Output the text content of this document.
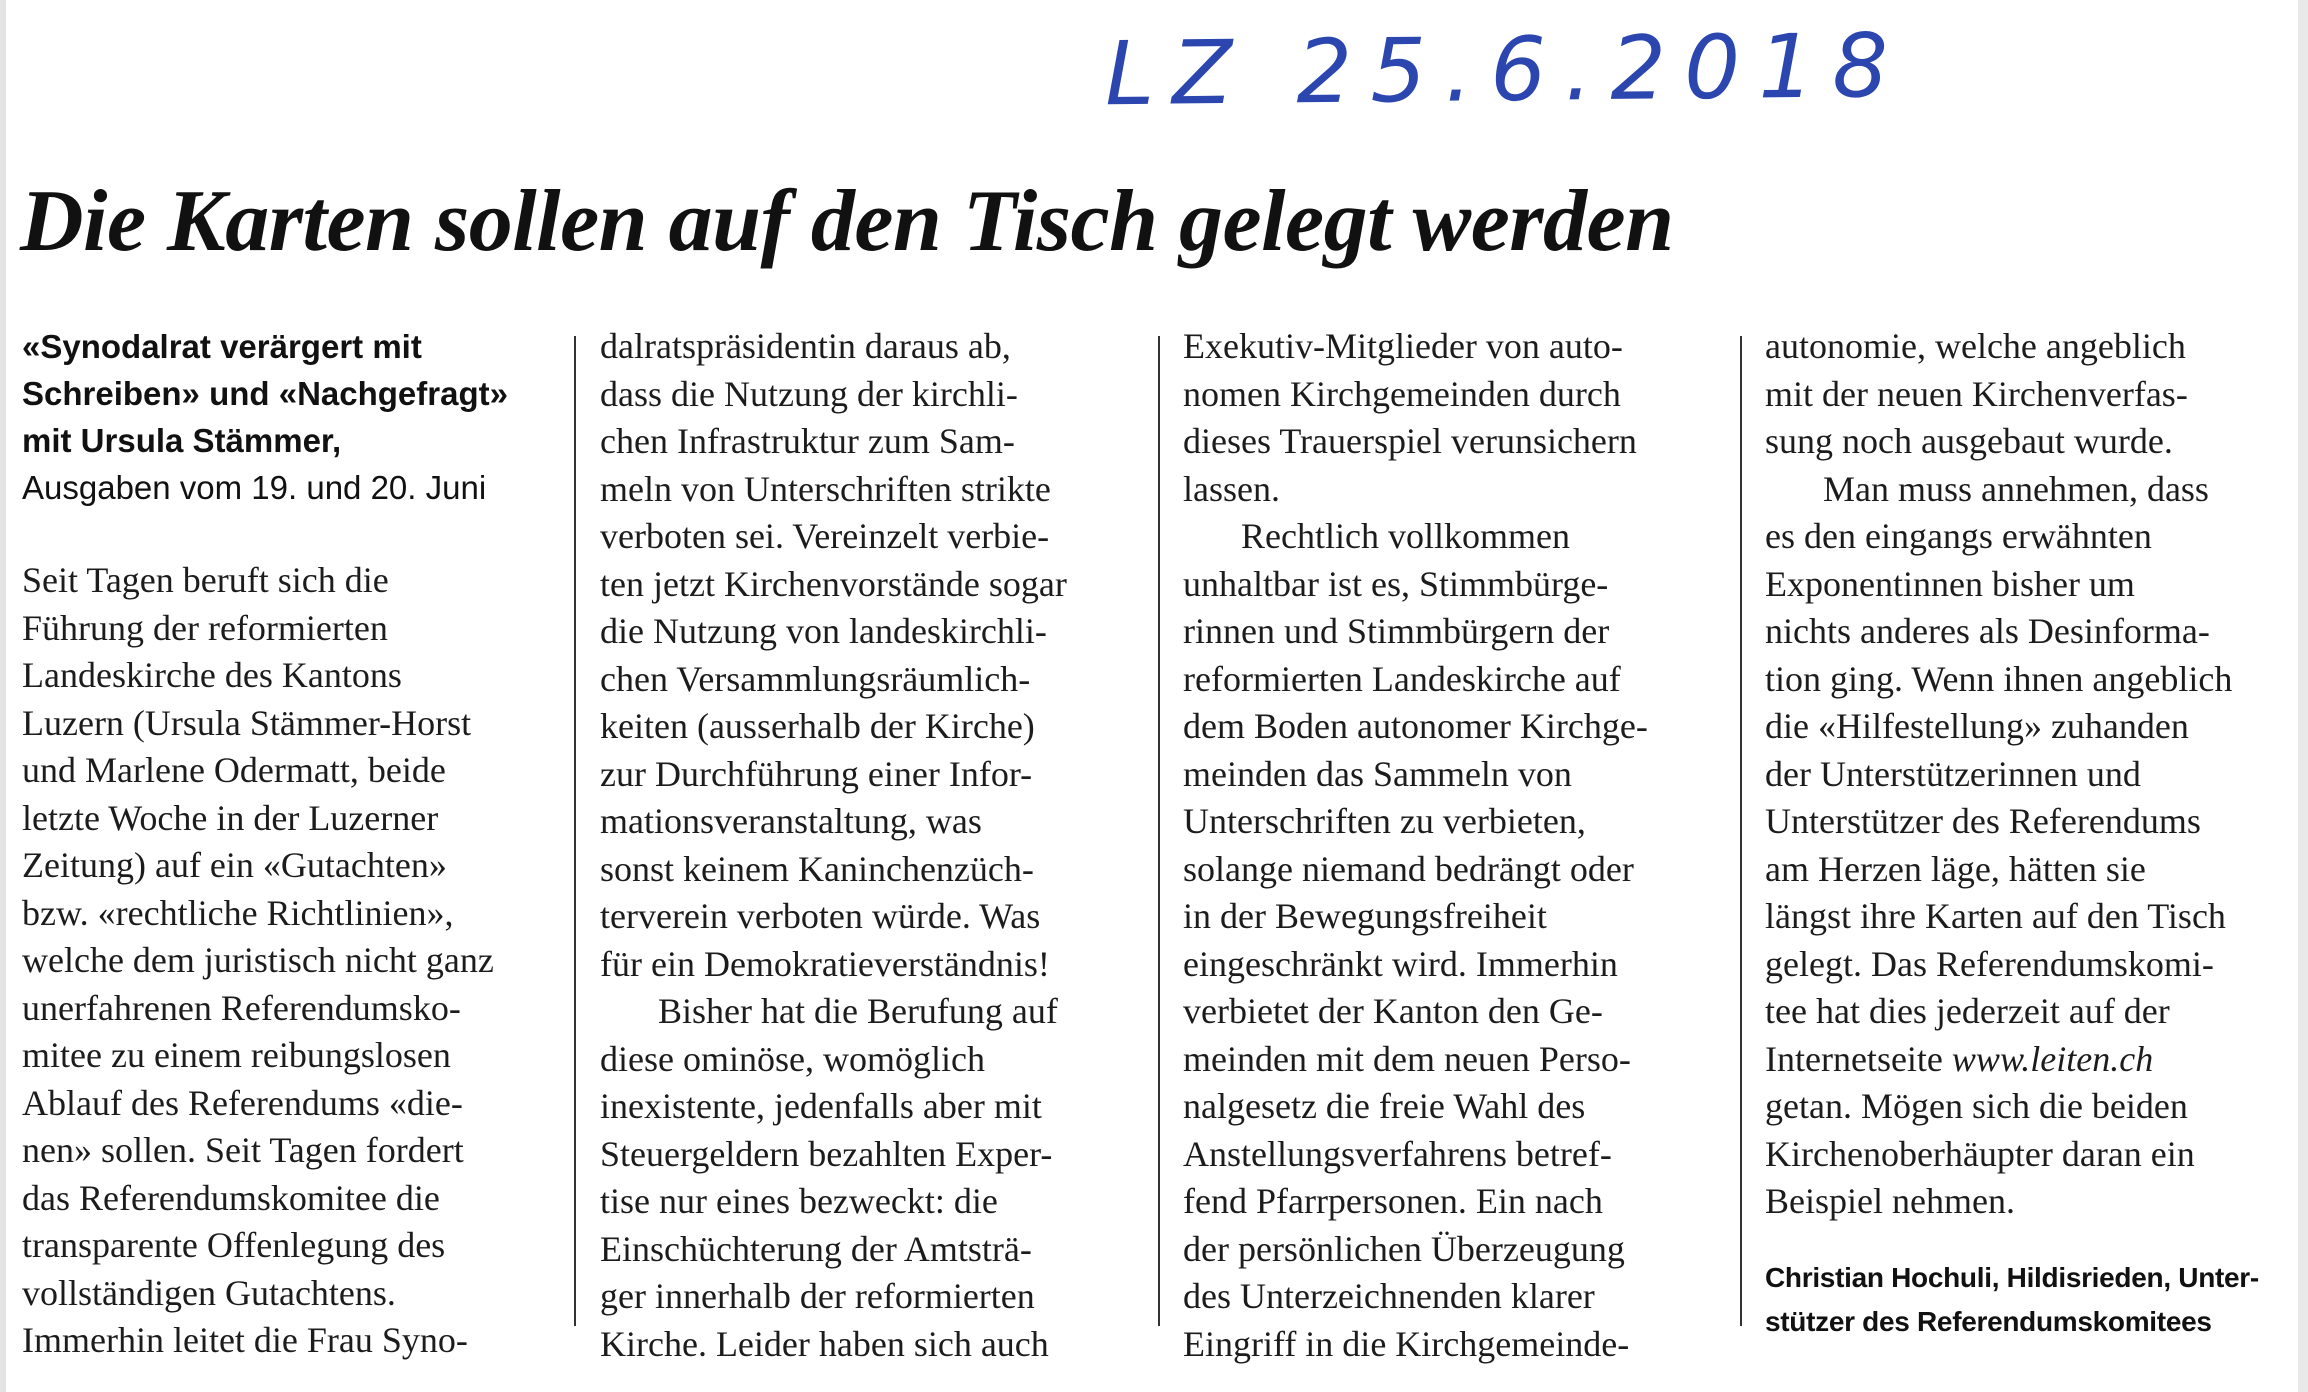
LZ 25.6.2018
Die Karten sollen auf den Tisch gelegt werden
«Synodalrat verärgert mit
Schreiben» und «Nachgefragt»
mit Ursula Stämmer,
Ausgaben vom 19. und 20. Juni

Seit Tagen beruft sich die
Führung der reformierten
Landeskirche des Kantons
Luzern (Ursula Stämmer-Horst
und Marlene Odermatt, beide
letzte Woche in der Luzerner
Zeitung) auf ein «Gutachten»
bzw. «rechtliche Richtlinien»,
welche dem juristisch nicht ganz
unerfahrenen Referendumsko-
mitee zu einem reibungslosen
Ablauf des Referendums «die-
nen» sollen. Seit Tagen fordert
das Referendumskomitee die
transparente Offenlegung des
vollständigen Gutachtens.
Immerhin leitet die Frau Syno-

dalratspräsidentin daraus ab,
dass die Nutzung der kirchli-
chen Infrastruktur zum Sam-
meln von Unterschriften strikte
verboten sei. Vereinzelt verbie-
ten jetzt Kirchenvorstände sogar
die Nutzung von landeskirchli-
chen Versammlungsräumlich-
keiten (ausserhalb der Kirche)
zur Durchführung einer Infor-
mationsveranstaltung, was
sonst keinem Kaninchenzüch-
terverein verboten würde. Was
für ein Demokratieverständnis!

Bisher hat die Berufung auf
diese ominöse, womöglich
inexistente, jedenfalls aber mit
Steuergeldern bezahlten Exper-
tise nur eines bezweckt: die
Einschüchterung der Amtsträ-
ger innerhalb der reformierten
Kirche. Leider haben sich auch

Exekutiv-Mitglieder von auto-
nomen Kirchgemeinden durch
dieses Trauerspiel verunsichern
lassen.

Rechtlich vollkommen
unhaltbar ist es, Stimmbürge-
rinnen und Stimmbürgern der
reformierten Landeskirche auf
dem Boden autonomer Kirchge-
meinden das Sammeln von
Unterschriften zu verbieten,
solange niemand bedrängt oder
in der Bewegungsfreiheit
eingeschränkt wird. Immerhin
verbietet der Kanton den Ge-
meinden mit dem neuen Perso-
nalgesetz die freie Wahl des
Anstellungsverfahrens betref-
fend Pfarrpersonen. Ein nach
der persönlichen Überzeugung
des Unterzeichnenden klarer
Eingriff in die Kirchgemeinde-

autonomie, welche angeblich
mit der neuen Kirchenverfas-
sung noch ausgebaut wurde.

Man muss annehmen, dass
es den eingangs erwähnten
Exponentinnen bisher um
nichts anderes als Desinforma-
tion ging. Wenn ihnen angeblich
die «Hilfestellung» zuhanden
der Unterstützerinnen und
Unterstützer des Referendums
am Herzen läge, hätten sie
längst ihre Karten auf den Tisch
gelegt. Das Referendumskomi-
tee hat dies jederzeit auf der
Internetseite www.leiten.ch
getan. Mögen sich die beiden
Kirchenoberhäupter daran ein
Beispiel nehmen.

Christian Hochuli, Hildisrieden, Unter-
stützer des Referendumskomitees
